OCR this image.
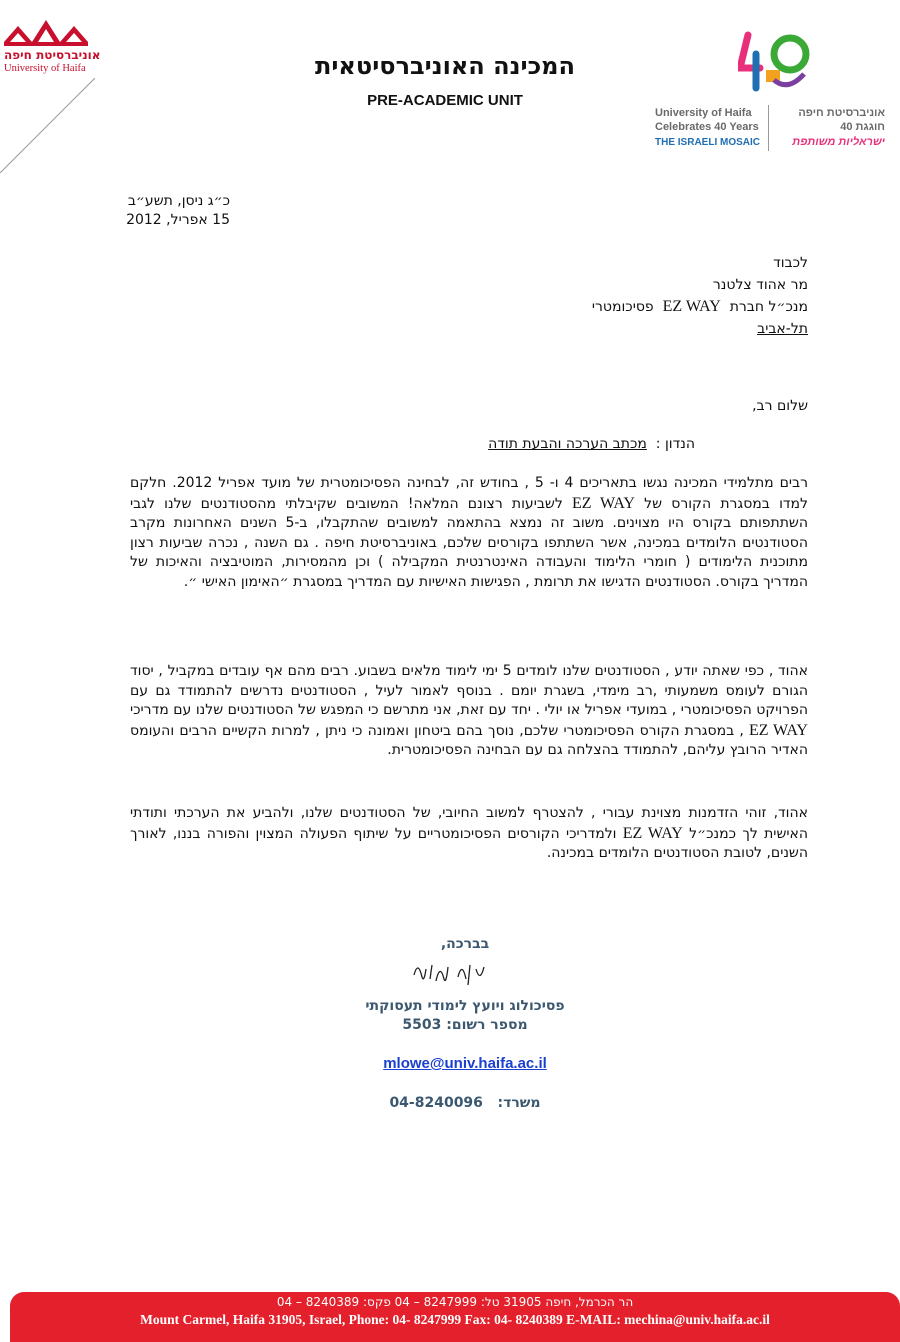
אוניברסיטת חיפה
University of Haifa	המכינה האוניברסיטאית
PRE-ACADEMIC UNIT
University of Haifa
Celebrates 40 Years
THE ISRAELI MOSAIC
אוניברסיטת חיפה
חוגגת 40
ישראליות משותפת
כ״ג ניסן, תשע״ב
15 אפריל, 2012
לכבוד
מר אהוד צלטנר
מנכ״ל חברת  EZ WAY  פסיכומטרי
תל-אביב
שלום רב,
הנדון :  מכתב הערכה והבעת תודה
רבים מתלמידי המכינה נגשו בתאריכים 4 ו- 5 , בחודש זה, לבחינה הפסיכומטרית של מועד אפריל 2012. חלקם למדו במסגרת הקורס של EZ WAY לשביעות רצונם המלאה! המשובים שקיבלתי מהסטודנטים שלנו לגבי השתתפותם בקורס היו מצוינים. משוב זה נמצא בהתאמה למשובים שהתקבלו, ב-5 השנים האחרונות מקרב הסטודנטים הלומדים במכינה, אשר השתתפו בקורסים שלכם, באוניברסיטת חיפה . גם השנה , נכרה שביעות רצון מתוכנית הלימודים ( חומרי הלימוד והעבודה האינטרנטית המקבילה ) וכן מהמסירות, המוטיבציה והאיכות של המדריך בקורס. הסטודנטים הדגישו את תרומת , הפגישות האישיות עם המדריך במסגרת ״האימון האישי ״.
אהוד , כפי שאתה יודע , הסטודנטים שלנו לומדים 5 ימי לימוד מלאים בשבוע. רבים מהם אף עובדים במקביל , יסוד הגורם לעומס משמעותי ,רב מימדי, בשגרת יומם . בנוסף לאמור לעיל , הסטודנטים נדרשים להתמודד גם עם הפרויקט הפסיכומטרי , במועדי אפריל או יולי . יחד עם זאת, אני מתרשם כי המפגש של הסטודנטים שלנו עם מדריכי EZ WAY , במסגרת הקורס הפסיכומטרי שלכם, נוסך בהם ביטחון ואמונה כי ניתן , למרות הקשיים הרבים והעומס האדיר הרובץ עליהם, להתמודד בהצלחה גם עם הבחינה הפסיכומטרית.
אהוד, זוהי הזדמנות מצוינת עבורי , להצטרף למשוב החיובי, של הסטודנטים שלנו, ולהביע את הערכתי ותודתי האישית לך כמנכ״ל EZ WAY ולמדריכי הקורסים הפסיכומטריים על שיתוף הפעולה המצוין והפורה בננו, לאורך השנים, לטובת הסטודנטים הלומדים במכינה.
בברכה,
פסיכולוג ויועץ לימודי תעסוקתי
מספר רשום: 5503
mlowe@univ.haifa.ac.il
משרד:   04-8240096
הר הכרמל, חיפה 31905 טל: 8247999 – 04 פקס: 8240389 – 04
Mount Carmel, Haifa 31905, Israel, Phone: 04- 8247999 Fax: 04- 8240389 E-MAIL: mechina@univ.haifa.ac.il
